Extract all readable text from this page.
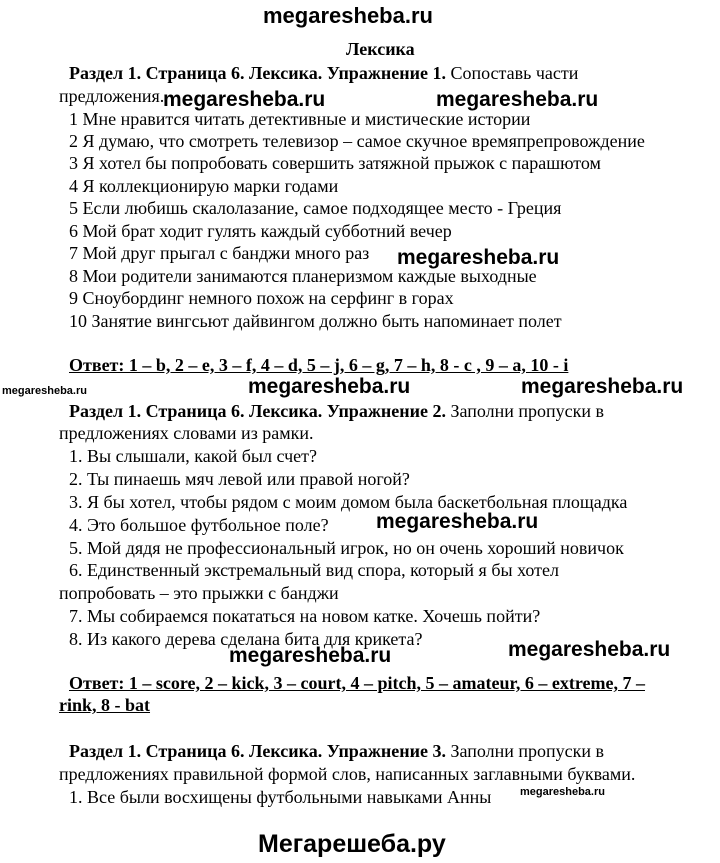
megaresheba.ru
Лексика
Раздел 1. Страница 6. Лексика. Упражнение 1. Сопоставь части
предложения.
1 Мне нравится читать детективные и мистические истории
2 Я думаю, что смотреть телевизор – самое скучное времяпрепровождение
3 Я хотел бы попробовать совершить затяжной прыжок с парашютом
4 Я коллекционирую марки годами
5 Если любишь скалолазание, самое подходящее место - Греция
6 Мой брат ходит гулять каждый субботний вечер
7 Мой друг прыгал с банджи много раз
8 Мои родители занимаются планеризмом каждые выходные
9 Сноубординг немного похож на серфинг в горах
10 Занятие вингсьют дайвингом должно быть напоминает полет
Ответ: 1 – b, 2 – e, 3 – f, 4 – d, 5 – j, 6 – g, 7 – h, 8 - c , 9 – a, 10 - i
Раздел 1. Страница 6. Лексика. Упражнение 2. Заполни пропуски в
предложениях словами из рамки.
1. Вы слышали, какой был счет?
2. Ты пинаешь мяч левой или правой ногой?
3. Я бы хотел, чтобы рядом с моим домом была баскетбольная площадка
4. Это большое футбольное поле?
5. Мой дядя не профессиональный игрок, но он очень хороший новичок
6. Единственный экстремальный вид спора, который я бы хотел
попробовать – это прыжки с банджи
7. Мы собираемся покататься на новом катке. Хочешь пойти?
8. Из какого дерева сделана бита для крикета?
Ответ: 1 – score, 2 – kick, 3 – court, 4 – pitch, 5 – amateur, 6 – extreme, 7 –
rink, 8 - bat
Раздел 1. Страница 6. Лексика. Упражнение 3. Заполни пропуски в
предложениях правильной формой слов, написанных заглавными буквами.
1. Все были восхищены футбольными навыками Анны
megaresheba.ru	megaresheba.ru
megaresheba.ru
megaresheba.ru	megaresheba.ru	megaresheba.ru
megaresheba.ru
megaresheba.ru	megaresheba.ru
megaresheba.ru
Мегарешеба.ру
